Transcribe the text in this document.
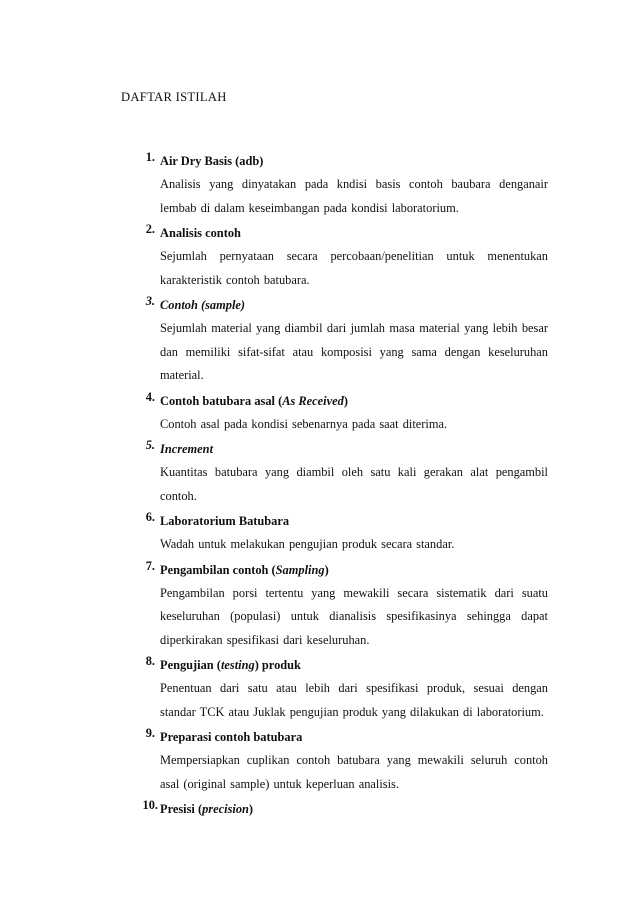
DAFTAR ISTILAH
1. Air Dry Basis (adb)

Analisis yang dinyatakan pada kndisi basis contoh baubara denganair lembab di dalam keseimbangan pada kondisi laboratorium.

2. Analisis contoh

Sejumlah pernyataan secara percobaan/penelitian untuk menentukan karakteristik contoh batubara.

3. Contoh (sample)

Sejumlah material yang diambil dari jumlah masa material yang lebih besar dan memiliki sifat-sifat atau komposisi yang sama dengan keseluruhan material.

4. Contoh batubara asal (As Received)

Contoh asal pada kondisi sebenarnya pada saat diterima.

5. Increment

Kuantitas batubara yang diambil oleh satu kali gerakan alat pengambil contoh.

6. Laboratorium Batubara

Wadah untuk melakukan pengujian produk secara standar.

7. Pengambilan contoh (Sampling)

Pengambilan porsi tertentu yang mewakili secara sistematik dari suatu keseluruhan (populasi) untuk dianalisis spesifikasinya sehingga dapat diperkirakan spesifikasi dari keseluruhan.

8. Pengujian (testing) produk

Penentuan dari satu atau lebih dari spesifikasi produk, sesuai dengan standar TCK atau Juklak pengujian produk yang dilakukan di laboratorium.

9. Preparasi contoh batubara

Mempersiapkan cuplikan contoh batubara yang mewakili seluruh contoh asal (original sample) untuk keperluan analisis.

10. Presisi (precision)
